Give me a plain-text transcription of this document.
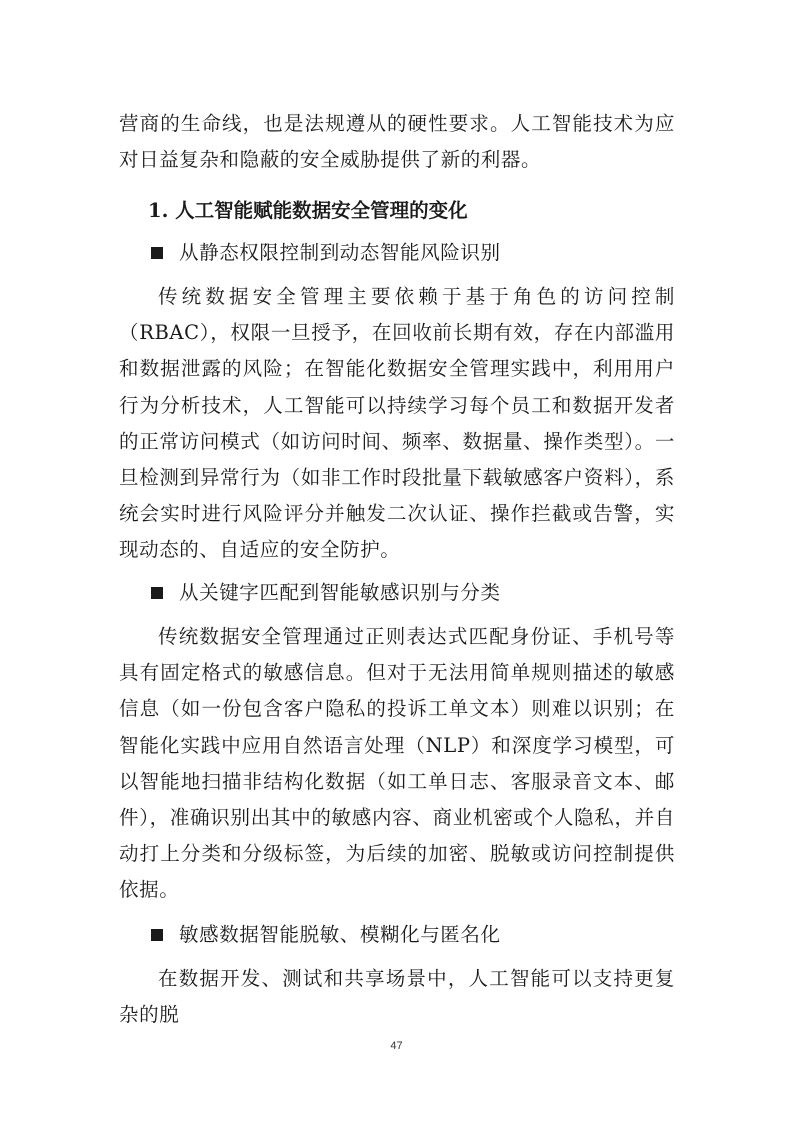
营商的生命线，也是法规遵从的硬性要求。人工智能技术为应对日益复杂和隐蔽的安全威胁提供了新的利器。

1. 人工智能赋能数据安全管理的变化

从静态权限控制到动态智能风险识别

传统数据安全管理主要依赖于基于角色的访问控制（RBAC），权限一旦授予，在回收前长期有效，存在内部滥用和数据泄露的风险；在智能化数据安全管理实践中，利用用户行为分析技术，人工智能可以持续学习每个员工和数据开发者的正常访问模式（如访问时间、频率、数据量、操作类型）。一旦检测到异常行为（如非工作时段批量下载敏感客户资料），系统会实时进行风险评分并触发二次认证、操作拦截或告警，实现动态的、自适应的安全防护。

从关键字匹配到智能敏感识别与分类

传统数据安全管理通过正则表达式匹配身份证、手机号等具有固定格式的敏感信息。但对于无法用简单规则描述的敏感信息（如一份包含客户隐私的投诉工单文本）则难以识别；在智能化实践中应用自然语言处理（NLP）和深度学习模型，可以智能地扫描非结构化数据（如工单日志、客服录音文本、邮件），准确识别出其中的敏感内容、商业机密或个人隐私，并自动打上分类和分级标签，为后续的加密、脱敏或访问控制提供依据。

敏感数据智能脱敏、模糊化与匿名化

在数据开发、测试和共享场景中，人工智能可以支持更复杂的脱

47
